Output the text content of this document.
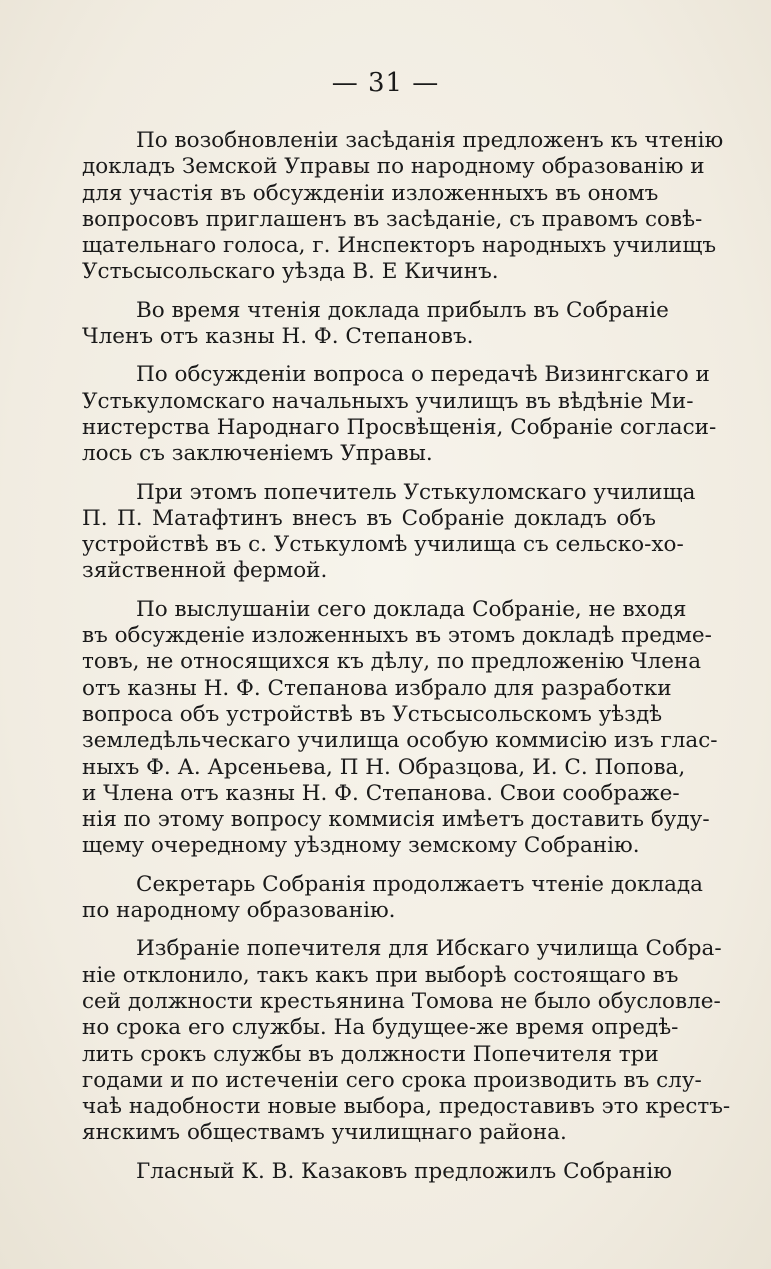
— 31 —
По возобновленіи засѣданія предложенъ къ чтенію
докладъ Земской Управы по народному образованію и
для участія въ обсужденіи изложенныхъ въ ономъ
вопросовъ приглашенъ въ засѣданіе, съ правомъ совѣ-
щательнаго голоса, г. Инспекторъ народныхъ училищъ
Устьсысольскаго уѣзда В. Е Кичинъ.
Во время чтенія доклада прибылъ въ Собраніе
Членъ отъ казны Н. Ф. Степановъ.
По обсужденіи вопроса о передачѣ Визингскаго и
Устькуломскаго начальныхъ училищъ въ вѣдѣніе Ми-
нистерства Народнаго Просвѣщенія, Собраніе согласи-
лось съ заключеніемъ Управы.
При этомъ попечитель Устькуломскаго училища
П. П. Матафтинъ внесъ въ Собраніе докладъ объ
устройствѣ въ с. Устькуломѣ училища съ сельско-хо-
зяйственной фермой.
По выслушаніи сего доклада Собраніе, не входя
въ обсужденіе изложенныхъ въ этомъ докладѣ предме-
товъ, не относящихся къ дѣлу, по предложенію Члена
отъ казны Н. Ф. Степанова избрало для разработки
вопроса объ устройствѣ въ Устьсысольскомъ уѣздѣ
земледѣльческаго училища особую коммисію изъ глас-
ныхъ Ф. А. Арсеньева, П Н. Образцова, И. С. Попова,
и Члена отъ казны Н. Ф. Степанова. Свои соображе-
нія по этому вопросу коммисія имѣетъ доставить буду-
щему очередному уѣздному земскому Собранію.
Секретарь Собранія продолжаетъ чтеніе доклада
по народному образованію.
Избраніе попечителя для Ибскаго училища Собра-
ніе отклонило, такъ какъ при выборѣ состоящаго въ
сей должности крестьянина Томова не было обусловле-
но срока его службы. На будущее-же время опредѣ-
лить срокъ службы въ должности Попечителя три
годами и по истеченіи сего срока производить въ слу-
чаѣ надобности новые выбора, предоставивъ это крестъ-
янскимъ обществамъ училищнаго района.
Гласный К. В. Казаковъ предложилъ Собранію
